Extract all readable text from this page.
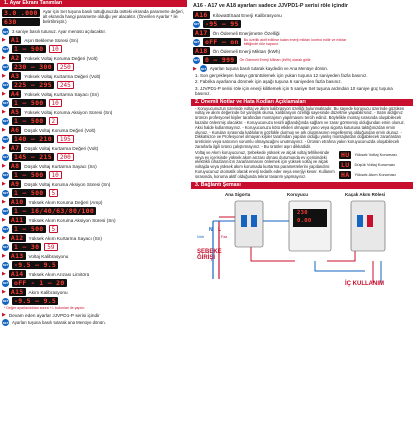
1. Ayar Ekranı Tanımları
3.0 .000
630
Ayar için Set tuşuna basılı tuttuğunuzda üstteki ekranda parametre değeri, alt ekranda hangi parametre olduğu yer alacaktır. (Önerilen Ayarlar * ile belirtilmiştir.)
SET 3 saniye basılı tutunuz. Ayar menüsü açılacaktır.
▶ A1	Aşırı Bekleme Süresi (Sn)
SET 1 — 500	10
▶ A2	Yüksek Voltaj Koruma Değeri (Volt)
SET 230 — 300	250
▶ A3	Yüksek Voltaj Kurtarma Değeri (Volt)
SET 225 — 295	245
▶ A4	Yüksek Voltaj Kurtarma Sayacı (Sn)
SET 1 — 500	10
▶ A5	Yüksek Voltaj Koruma Aksiyon Süresi (Sn)
SET 1 — 500	2
▶ A6	Düşük Voltaj Koruma Değeri (Volt)
SET 140 — 210	195
▶ A7	Düşük Voltaj Kurtarma Değeri (Volt)
SET 145 — 215	200
▶ A8	Düşük Voltaj Kurtarma Sayacı (Sn)
SET 1 — 500	10
▶ A9	Düşük Voltaj Koruma Aksiyon Süresi (Sn)
SET 1 — 500	5
▶ A10	Yüksek Akım Koruma Değeri (Amp)
SET 1 — 16/40/63/80/100
▶ A11	Yüksek Akım Koruma Aksiyon Süresi (Sn)
SET 1 — 500	5
▶ A12	Yüksek Akım Kurtarma Sayacı (Sn)
SET 1 — 30	59
▶ A13	Voltaj Kalibrasyonu
SET -9.5 — 9.5
▶ A14	Yüksek Akım Arızası Limitörü
SET oFF - 1 — 20
▶ A15	Akım Kalibrasyonu
SET -9.5 — 9.5
* Değer ayarlandıktan sonra +/- butonları ile yapılır.
▶ Devam eden ayarlar JJVPD1-P serisi içindir
SET Ayarları tuşuna basılı tutarak ana Menüye dönün.
A16 - A17 ve A18 ayarları sadece JJVPD1-P serisi röle içindir
A16	Kilowatt/Saat Enerji Kalibrasyonu
SET -95 — 95
A17	Ön Ödemeli Enerjimetre Özelliği
SET oFF — on	Bu özellik aktif edilirse kalan enerji miktarı kontrol edilir ve miktar bittiğinde röle kapanır.
A18	Ön Ödemeli Enerji Miktarı (kWh)
SET 0 — 999	Ön Ödemeli Enerji Miktarı (kWh) olarak girilir.
▶ SET Ayarları tuşuna basılı tutarak kaydedin ve Ana Menüye dönün.
1. Son gerçekleşen hatayı görüntülemek için yukarı tuşuna 12 saniyeden fazla basınız.
2. Fabrika ayarlarına dönmek için aşağı tuşuna 6 saniyeden fazla basınız.
3. JJVPD1-P serisi röle için enerji kilitlemek için 5 saniye Set tuşuna ardından 10 saniye güç tuşuna basınız.
2. Önemli Notlar ve Hata Kodları Açıklamaları
- Koruyucunuzun üzerinde voltaj ve akım kalibrasyon özelliği bulunmaktadır. Bu sayede koruyucu üzerinde gözüken voltaj ve akım değerinde bir yanlışlık olursa, kalibrasyon özelliği sayesinde düzeltme yapabilirsiniz. - Satın aldığınız ürünün profesyonel kişiler tarafından montajının yapılmasını tercih ediniz. Böylelikle montaj sırasında oluşabilecek kazalar önlenmiş olacaktır. - Koruyucunuzu tesirli ağlandığında sağlam ve zarar görmemiş olduğundan emin olunuz. Aksi halde kullanmayınız. - Koruyucunuzu kötü etkileri olmayan yano veya sigorta kutusuna taktığınızdan emin olunuz. - Kuruları sırasında kabloların gözlükle durmuş ve ark oluşmasının engellenmiş olduğundan emin olunuz. - Dikkatsizce ve Profesyonel olmayan kişiler tarafından yapılan olduğu yanlış montajlardan doğabilecek zararlardan üreticinin veya satıcının sorumlu olmayacağını unutmayınız. - Ürünün etrafına yakın koruyucunuzda oluşabilecek zararlarla ilgili ürünü çalıştırmayınız. - Bu ürünler aşırı dikkatlidir.
Voltaj ve Akım koruyucunuz, Şebekede yüksek ve alçak voltaj tehlikesinde veya ev içerisinde yüksek akım arızası olması durumunda ev içerisindeki elektrikli cihazlarınızın zararlanmasını önlemek için yüksek voltaj ve alçak voltajda veya yüksek akım korumada kurtarma parametrelerini yapılandırır. Koruyucunuz otomatik olarak enerji tedarik eder veya enerjiyi keser. Kullanım sırasında, koruma aktif olduğunda tekrar tasarım yapmayınız.
HU	Yüksek Voltaj Koruması
LU	Düşük Voltaj Koruması
HA	Yüksek Akım Koruması
3. Bağlantı Şeması
Ana Sigorta	Koruyucu	Kaçak Akım Rölesi
230
0.00
N L
Nötr	Faz
ŞEBEKE GİRİŞİ
İÇ KULLANIM
